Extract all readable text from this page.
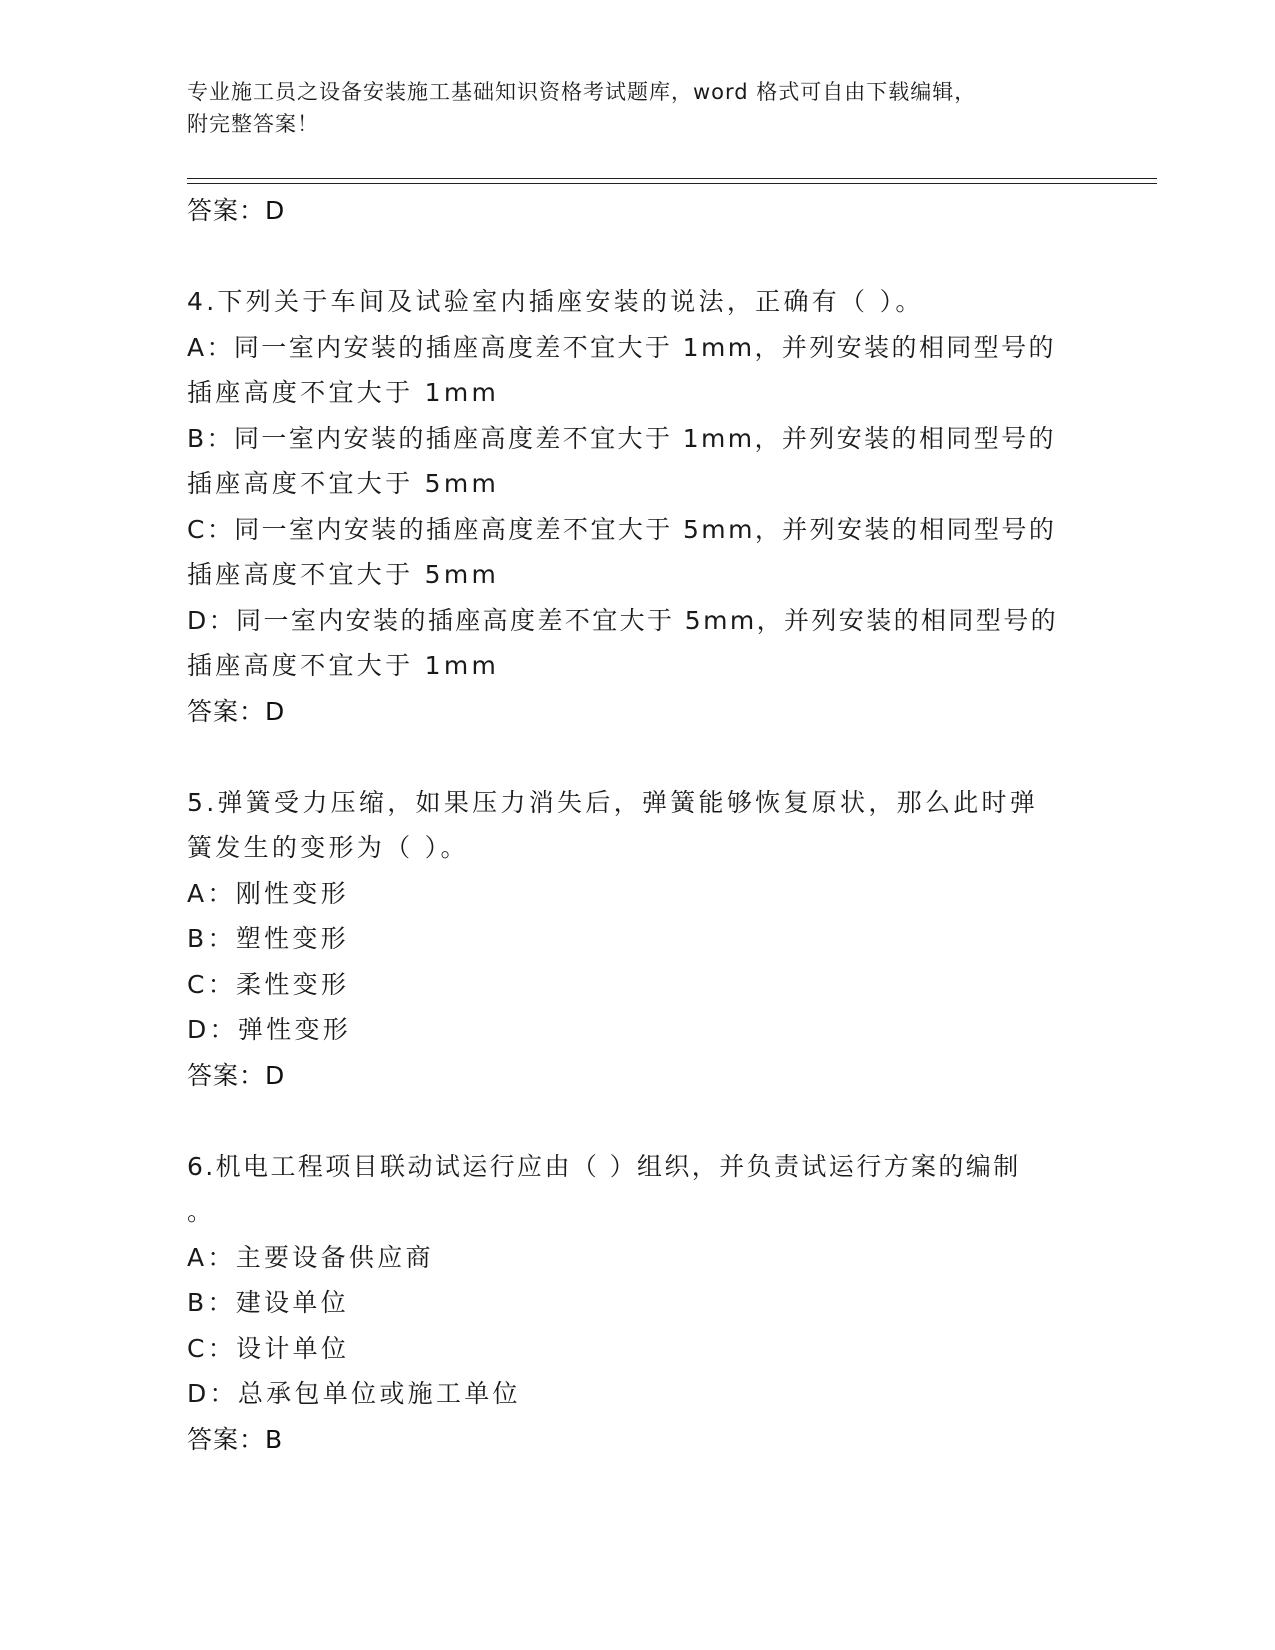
专业施工员之设备安装施工基础知识资格考试题库，word 格式可自由下载编辑，
附完整答案！
答案：D
4.下列关于车间及试验室内插座安装的说法，正确有（ ）。
A：同一室内安装的插座高度差不宜大于 1mm，并列安装的相同型号的
插座高度不宜大于 1mm
B：同一室内安装的插座高度差不宜大于 1mm，并列安装的相同型号的
插座高度不宜大于 5mm
C：同一室内安装的插座高度差不宜大于 5mm，并列安装的相同型号的
插座高度不宜大于 5mm
D：同一室内安装的插座高度差不宜大于 5mm，并列安装的相同型号的
插座高度不宜大于 1mm
答案：D
5.弹簧受力压缩，如果压力消失后，弹簧能够恢复原状，那么此时弹
簧发生的变形为（ ）。
A：刚性变形
B：塑性变形
C：柔性变形
D：弹性变形
答案：D
6.机电工程项目联动试运行应由（ ）组织，并负责试运行方案的编制
。
A：主要设备供应商
B：建设单位
C：设计单位
D：总承包单位或施工单位
答案：B
